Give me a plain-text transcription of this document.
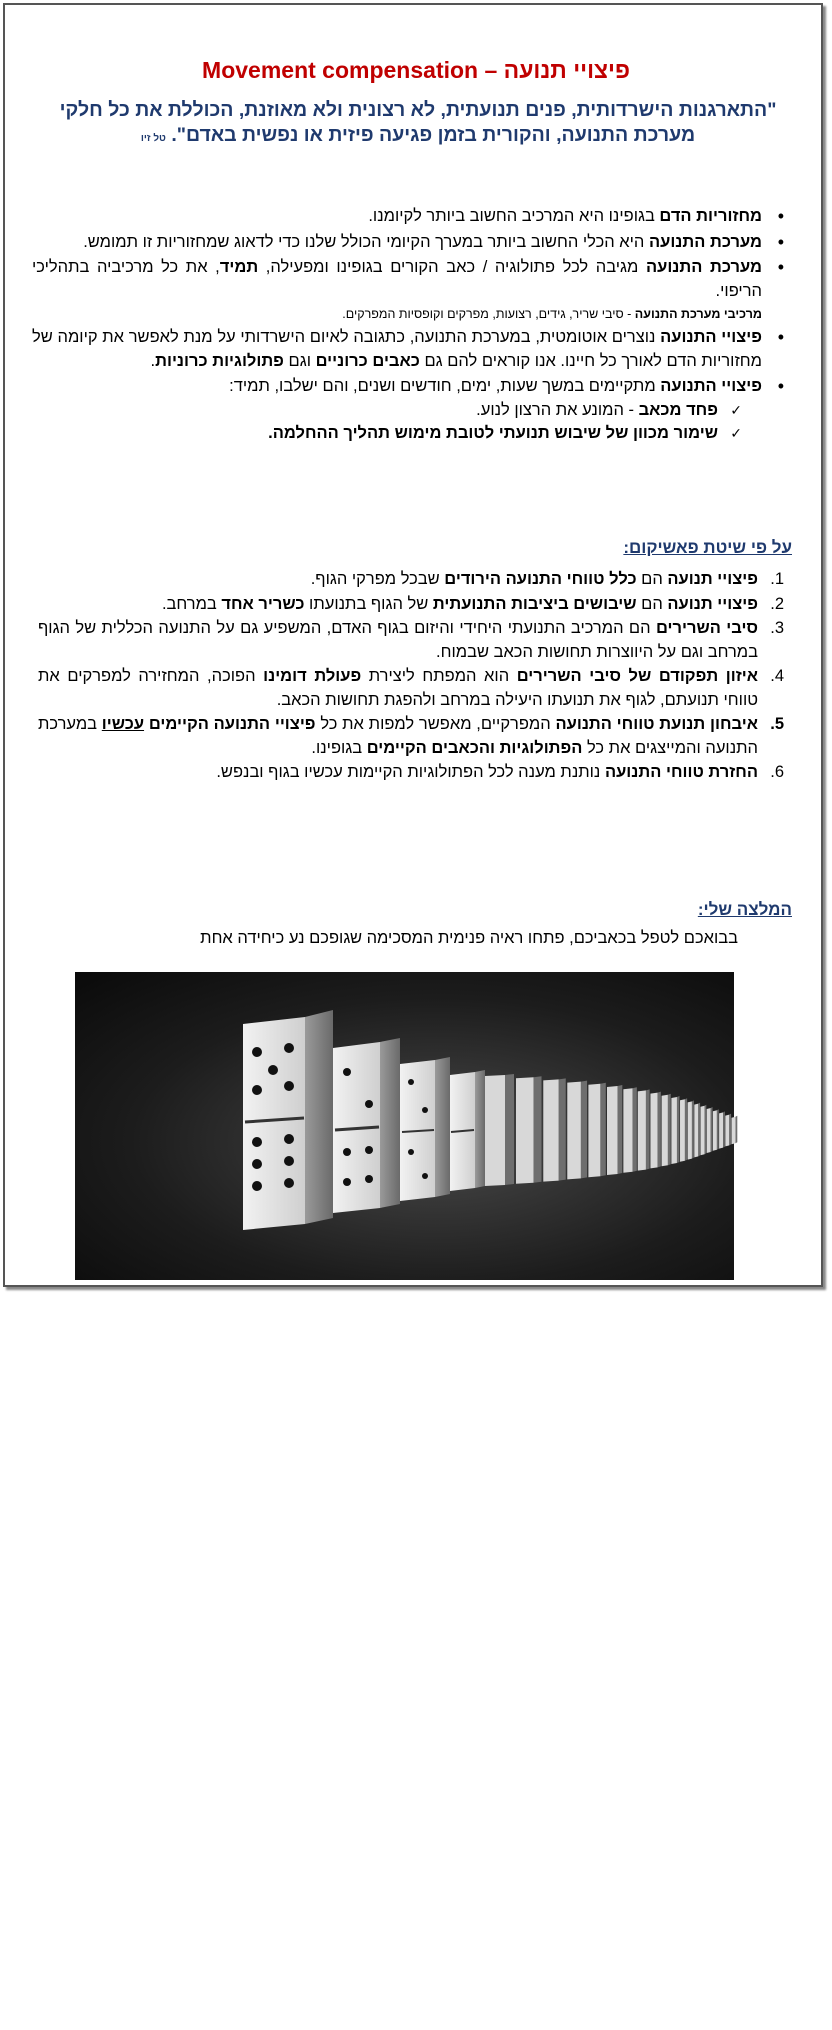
Movement compensation – פיצויי תנועה
"התארגנות הישרדותית, פנים תנועתית, לא רצונית ולא מאוזנת, הכוללת את כל חלקי מערכת התנועה, והקורית בזמן פגיעה פיזית או נפשית באדם". טל זיו
• מחזוריות הדם בגופינו היא המרכיב החשוב ביותר לקיומנו.
• מערכת התנועה היא הכלי החשוב ביותר במערך הקיומי הכולל שלנו כדי לדאוג שמחזוריות זו תמומש.
• מערכת התנועה מגיבה לכל פתולוגיה / כאב הקורים בגופינו ומפעילה, תמיד, את כל מרכיביה בתהליכי הריפוי.
מרכיבי מערכת התנועה - סיבי שריר, גידים, רצועות, מפרקים וקופסיות המפרקים.
• פיצויי התנועה נוצרים אוטומטית, במערכת התנועה, כתגובה לאיום הישרדותי על מנת לאפשר את קיומה של מחזוריות הדם לאורך כל חיינו. אנו קוראים להם גם כאבים כרוניים וגם פתולוגיות כרוניות.
• פיצויי התנועה מתקיימים במשך שעות, ימים, חודשים ושנים, והם ישלבו, תמיד:
✓
פחד מכאב - המונע את הרצון לנוע.
✓
שימור מכוון של שיבוש תנועתי לטובת מימוש תהליך ההחלמה.
על פי שיטת פאשיקום:
1.
פיצויי תנועה הם כלל טווחי התנועה הירודים שבכל מפרקי הגוף.
2.
פיצויי תנועה הם שיבושים ביציבות התנועתית של הגוף בתנועתו כשריר אחד במרחב.
3.
סיבי השרירים הם המרכיב התנועתי היחידי והיזום בגוף האדם, המשפיע גם על התנועה הכללית של הגוף במרחב וגם על היווצרות תחושות הכאב שבמוח.
4.
איזון תפקודם של סיבי השרירים הוא המפתח ליצירת פעולת דומינו הפוכה, המחזירה למפרקים את טווחי תנועתם, לגוף את תנועתו היעילה במרחב ולהפגת תחושות הכאב.
5.
איבחון תנועת טווחי התנועה המפרקיים, מאפשר למפות את כל פיצויי התנועה הקיימים עכשיו במערכת התנועה והמייצגים את כל הפתולוגיות והכאבים הקיימים בגופינו.
6.
החזרת טווחי התנועה נותנת מענה לכל הפתולוגיות הקיימות עכשיו בגוף ובנפש.
המלצה שלי:
בבואכם לטפל בכאביכם, פתחו ראיה פנימית המסכימה שגופכם נע כיחידה אחת
טל זיו – שיטת פאשיקום® - שיקום תנועתי אורטופדי
